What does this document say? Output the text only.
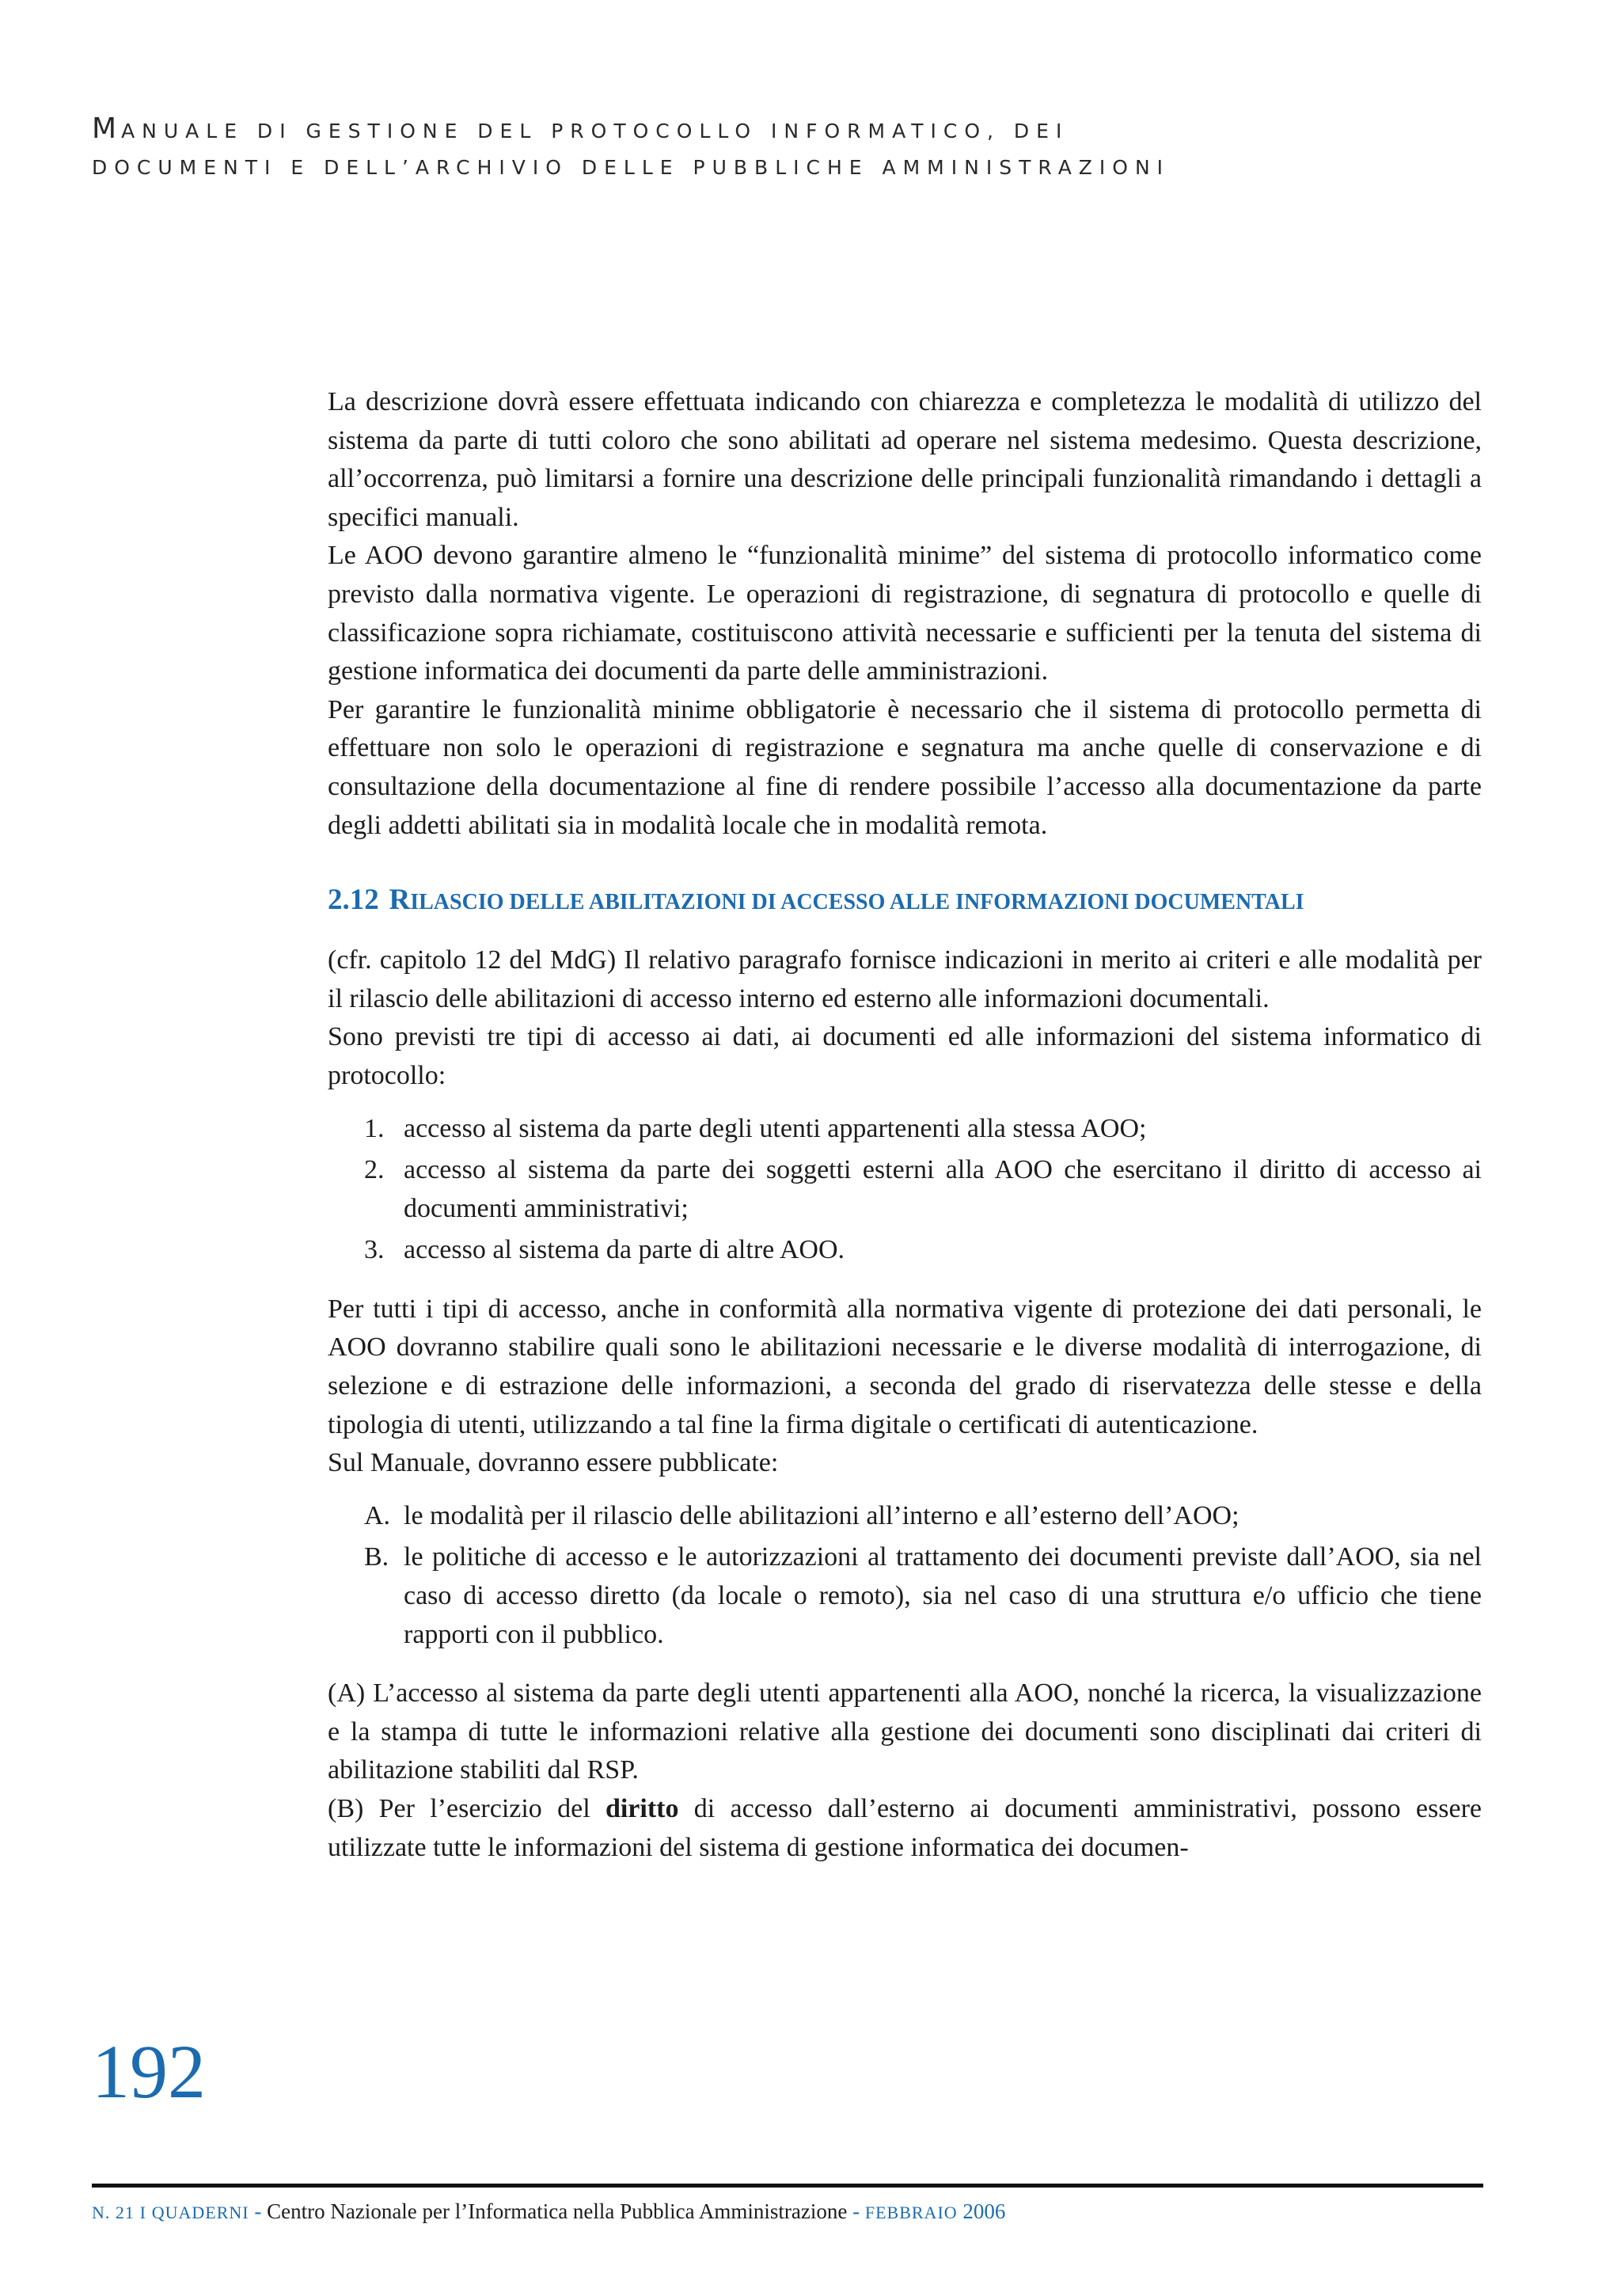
MANUALE DI GESTIONE DEL PROTOCOLLO INFORMATICO, DEI
DOCUMENTI E DELL’ARCHIVIO DELLE PUBBLICHE AMMINISTRAZIONI

La descrizione dovrà essere effettuata indicando con chiarezza e completezza le modalità di utilizzo del sistema da parte di tutti coloro che sono abilitati ad operare nel sistema medesimo. Questa descrizione, all’occorrenza, può limitarsi a fornire una descrizione delle principali funzionalità rimandando i dettagli a specifici manuali.

Le AOO devono garantire almeno le “funzionalità minime” del sistema di protocollo informatico come previsto dalla normativa vigente. Le operazioni di registrazione, di segnatura di protocollo e quelle di classificazione sopra richiamate, costituiscono attività necessarie e sufficienti per la tenuta del sistema di gestione informatica dei documenti da parte delle amministrazioni.

Per garantire le funzionalità minime obbligatorie è necessario che il sistema di protocollo permetta di effettuare non solo le operazioni di registrazione e segnatura ma anche quelle di conservazione e di consultazione della documentazione al fine di rendere possibile l’accesso alla documentazione da parte degli addetti abilitati sia in modalità locale che in modalità remota.

2.12 RILASCIO DELLE ABILITAZIONI DI ACCESSO ALLE INFORMAZIONI DOCUMENTALI

(cfr. capitolo 12 del MdG) Il relativo paragrafo fornisce indicazioni in merito ai criteri e alle modalità per il rilascio delle abilitazioni di accesso interno ed esterno alle informazioni documentali.

Sono previsti tre tipi di accesso ai dati, ai documenti ed alle informazioni del sistema informatico di protocollo:

1. accesso al sistema da parte degli utenti appartenenti alla stessa AOO;
2. accesso al sistema da parte dei soggetti esterni alla AOO che esercitano il diritto di accesso ai documenti amministrativi;
3. accesso al sistema da parte di altre AOO.

Per tutti i tipi di accesso, anche in conformità alla normativa vigente di protezione dei dati personali, le AOO dovranno stabilire quali sono le abilitazioni necessarie e le diverse modalità di interrogazione, di selezione e di estrazione delle informazioni, a seconda del grado di riservatezza delle stesse e della tipologia di utenti, utilizzando a tal fine la firma digitale o certificati di autenticazione.

Sul Manuale, dovranno essere pubblicate:

A. le modalità per il rilascio delle abilitazioni all’interno e all’esterno dell’AOO;
B. le politiche di accesso e le autorizzazioni al trattamento dei documenti previste dall’AOO, sia nel caso di accesso diretto (da locale o remoto), sia nel caso di una struttura e/o ufficio che tiene rapporti con il pubblico.

(A) L’accesso al sistema da parte degli utenti appartenenti alla AOO, nonché la ricerca, la visualizzazione e la stampa di tutte le informazioni relative alla gestione dei documenti sono disciplinati dai criteri di abilitazione stabiliti dal RSP.

(B) Per l’esercizio del diritto di accesso dall’esterno ai documenti amministrativi, possono essere utilizzate tutte le informazioni del sistema di gestione informatica dei documen-

192
N. 21 I QUADERNI - Centro Nazionale per l’Informatica nella Pubblica Amministrazione - FEBBRAIO 2006
